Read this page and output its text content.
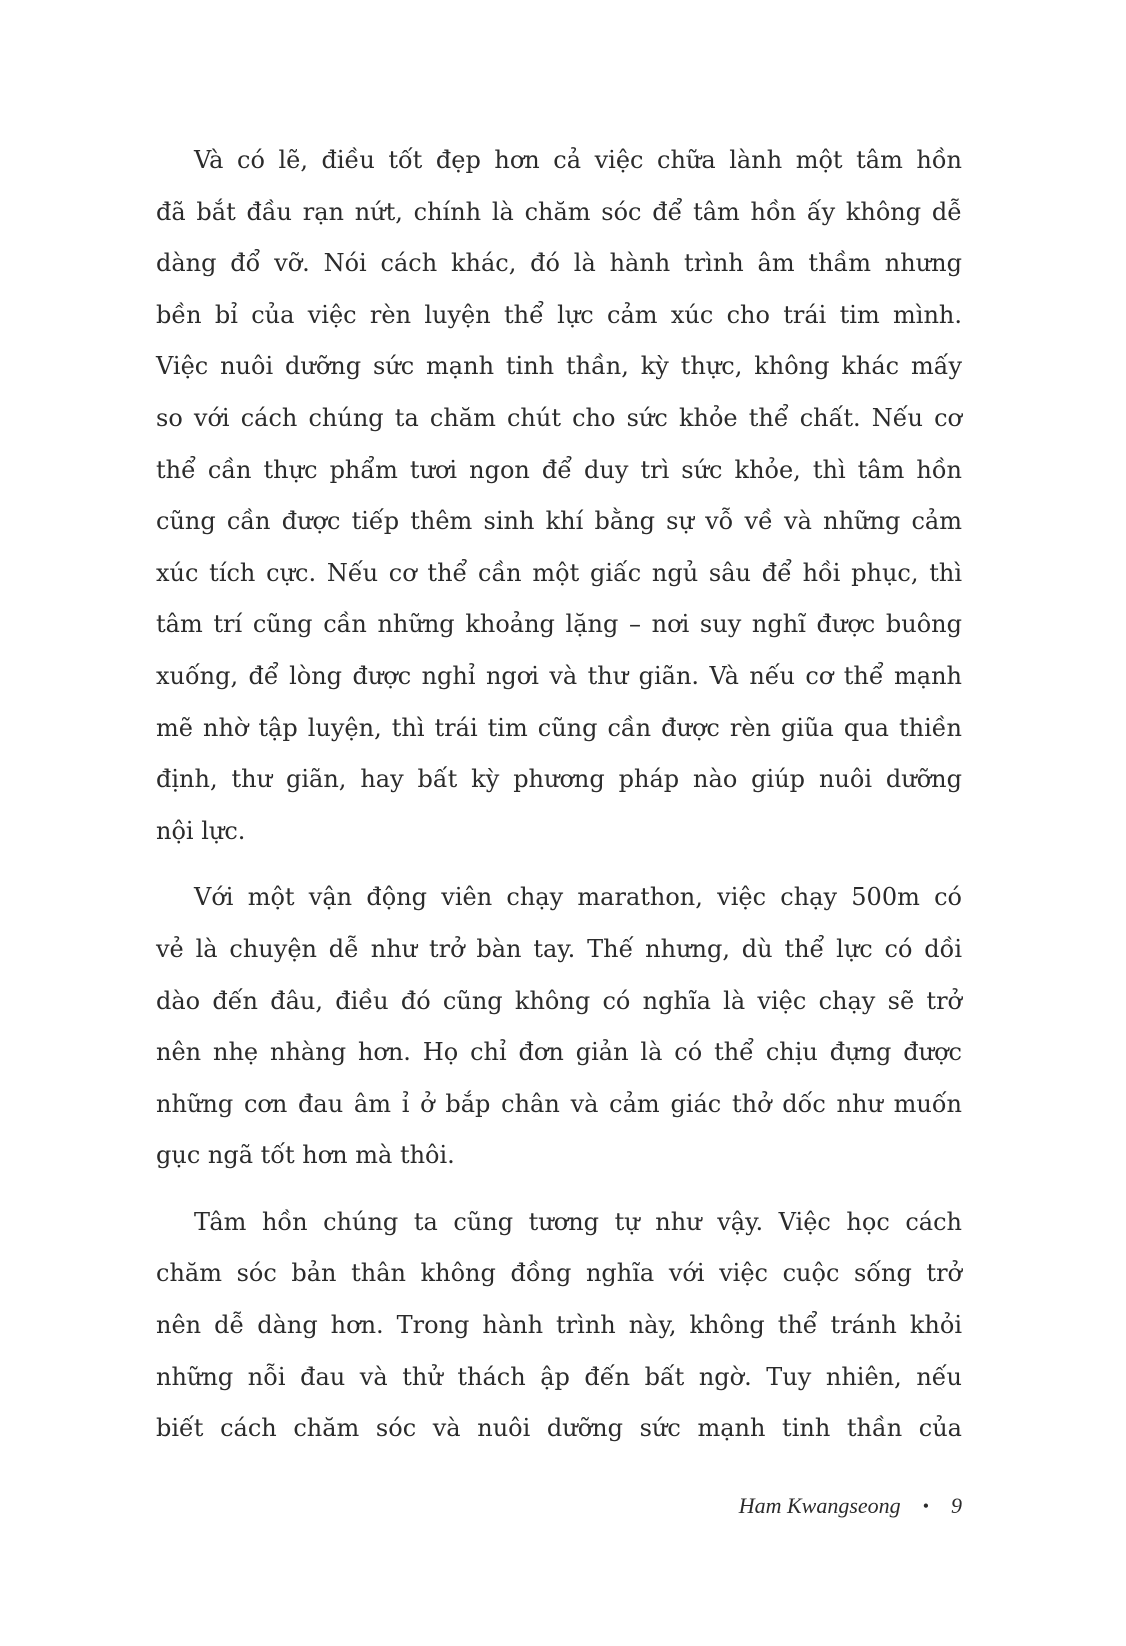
Và có lẽ, điều tốt đẹp hơn cả việc chữa lành một tâm hồn
đã bắt đầu rạn nứt, chính là chăm sóc để tâm hồn ấy không dễ
dàng đổ vỡ. Nói cách khác, đó là hành trình âm thầm nhưng
bền bỉ của việc rèn luyện thể lực cảm xúc cho trái tim mình.
Việc nuôi dưỡng sức mạnh tinh thần, kỳ thực, không khác mấy
so với cách chúng ta chăm chút cho sức khỏe thể chất. Nếu cơ
thể cần thực phẩm tươi ngon để duy trì sức khỏe, thì tâm hồn
cũng cần được tiếp thêm sinh khí bằng sự vỗ về và những cảm
xúc tích cực. Nếu cơ thể cần một giấc ngủ sâu để hồi phục, thì
tâm trí cũng cần những khoảng lặng – nơi suy nghĩ được buông
xuống, để lòng được nghỉ ngơi và thư giãn. Và nếu cơ thể mạnh
mẽ nhờ tập luyện, thì trái tim cũng cần được rèn giũa qua thiền
định, thư giãn, hay bất kỳ phương pháp nào giúp nuôi dưỡng
nội lực.
Với một vận động viên chạy marathon, việc chạy 500m có
vẻ là chuyện dễ như trở bàn tay. Thế nhưng, dù thể lực có dồi
dào đến đâu, điều đó cũng không có nghĩa là việc chạy sẽ trở
nên nhẹ nhàng hơn. Họ chỉ đơn giản là có thể chịu đựng được
những cơn đau âm ỉ ở bắp chân và cảm giác thở dốc như muốn
gục ngã tốt hơn mà thôi.
Tâm hồn chúng ta cũng tương tự như vậy. Việc học cách
chăm sóc bản thân không đồng nghĩa với việc cuộc sống trở
nên dễ dàng hơn. Trong hành trình này, không thể tránh khỏi
những nỗi đau và thử thách ập đến bất ngờ. Tuy nhiên, nếu
biết cách chăm sóc và nuôi dưỡng sức mạnh tinh thần của
Ham Kwangseong • 9
